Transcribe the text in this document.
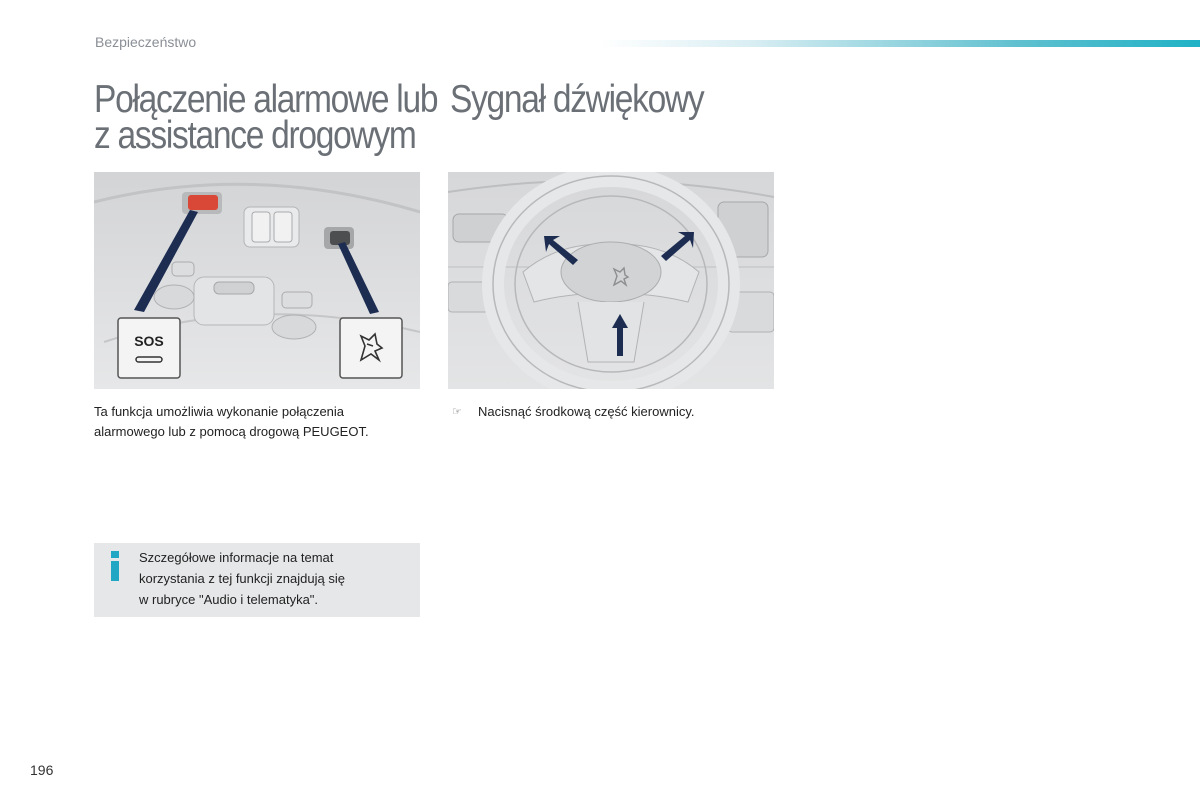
Bezpieczeństwo
Połączenie alarmowe lub
z assistance drogowym
Sygnał dźwiękowy
SOS
Ta funkcja umożliwia wykonanie połączenia
alarmowego lub z pomocą drogową PEUGEOT.
☞	Nacisnąć środkową część kierownicy.
Szczegółowe informacje na temat
korzystania z tej funkcji znajdują się
w rubryce "Audio i telematyka".
196
